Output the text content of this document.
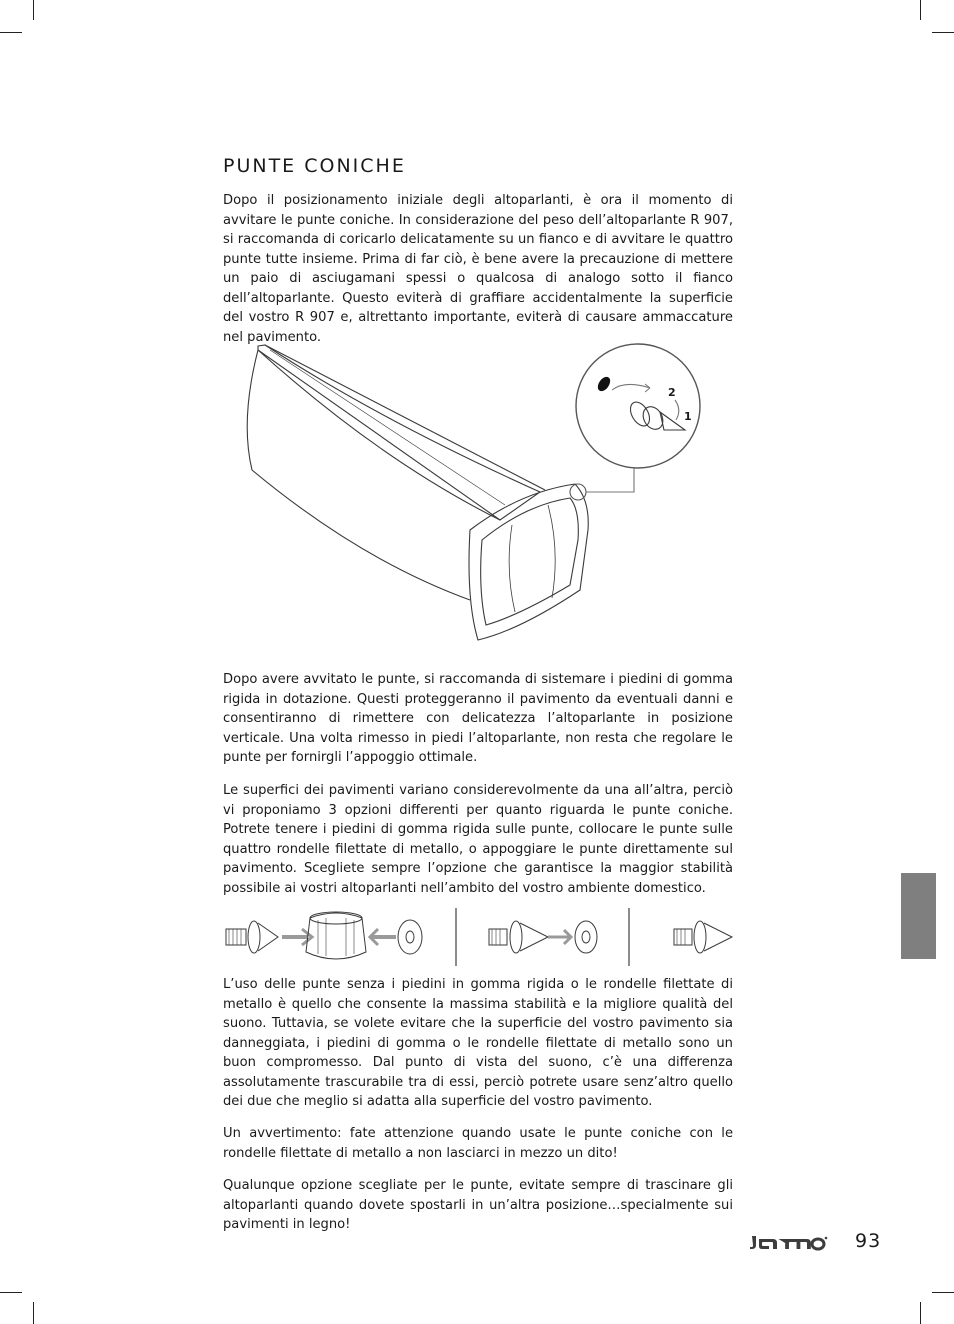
PUNTE CONICHE

Dopo il posizionamento iniziale degli altoparlanti, è ora il momento di avvitare le punte coniche. In considerazione del peso dell’altoparlante R 907, si raccomanda di coricarlo delicatamente su un fianco e di avvitare le quattro punte tutte insieme. Prima di far ciò, è bene avere la precauzione di mettere un paio di asciugamani spessi o qualcosa di analogo sotto il fianco dell’altoparlante. Questo eviterà di graffiare accidentalmente la superficie del vostro R 907 e, altrettanto importante, eviterà di causare ammaccature nel pavimento.

2
1

Dopo avere avvitato le punte, si raccomanda di sistemare i piedini di gomma rigida in dotazione. Questi proteggeranno il pavimento da eventuali danni e consentiranno di rimettere con delicatezza l’altoparlante in posizione verticale. Una volta rimesso in piedi l’altoparlante, non resta che regolare le punte per fornirgli l’appoggio ottimale.

Le superfici dei pavimenti variano considerevolmente da una all’altra, perciò vi proponiamo 3 opzioni differenti per quanto riguarda le punte coniche. Potrete tenere i piedini di gomma rigida sulle punte, collocare le punte sulle quattro rondelle filettate di metallo, o appoggiare le punte direttamente sul pavimento. Scegliete sempre l’opzione che garantisce la maggior stabilità possibile ai vostri altoparlanti nell’ambito del vostro ambiente domestico.

L’uso delle punte senza i piedini in gomma rigida o le rondelle filettate di metallo è quello che consente la massima stabilità e la migliore qualità del suono. Tuttavia, se volete evitare che la superficie del vostro pavimento sia danneggiata, i piedini di gomma o le rondelle filettate di metallo sono un buon compromesso. Dal punto di vista del suono, c’è una differenza assolutamente trascurabile tra di essi, perciò potrete usare senz’altro quello dei due che meglio si adatta alla superficie del vostro pavimento.

Un avvertimento: fate attenzione quando usate le punte coniche con le rondelle filettate di metallo a non lasciarci in mezzo un dito!

Qualunque opzione scegliate per le punte, evitate sempre di trascinare gli altoparlanti quando dovete spostarli in un’altra posizione…specialmente sui pavimenti in legno!

93
